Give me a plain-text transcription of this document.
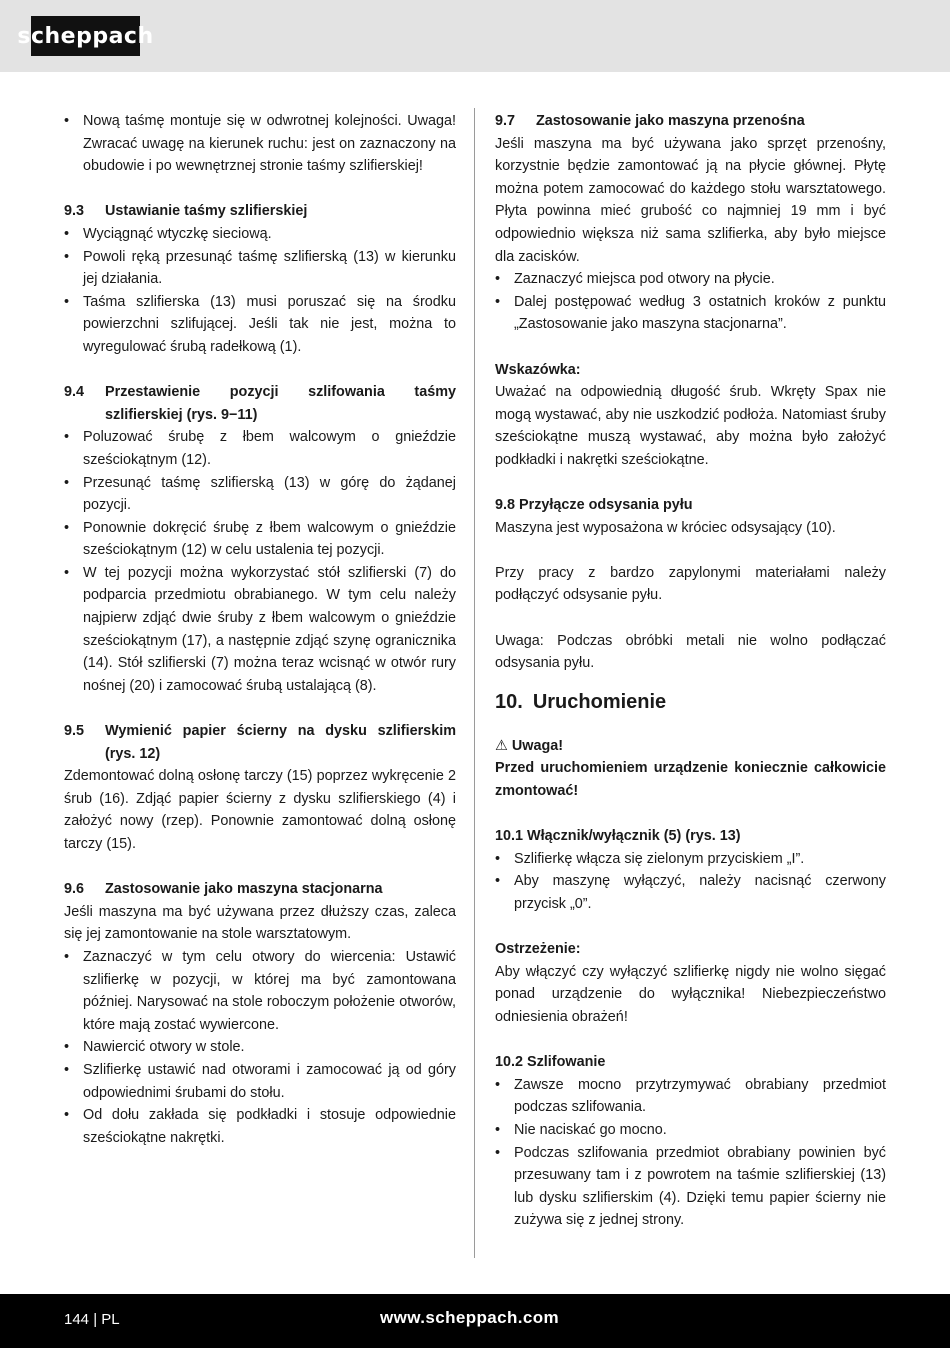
scheppach
• Nową taśmę montuje się w odwrotnej kolejności. Uwaga! Zwracać uwagę na kierunek ruchu: jest on zaznaczony na obudowie i po wewnętrznej stronie taśmy szlifierskiej!
9.3	Ustawianie taśmy szlifierskiej
• Wyciągnąć wtyczkę sieciową.
• Powoli ręką przesunąć taśmę szlifierską (13) w kierunku jej działania.
• Taśma szlifierska (13) musi poruszać się na środku powierzchni szlifującej. Jeśli tak nie jest, można to wyregulować śrubą radełkową (1).
9.4	Przestawienie pozycji szlifowania taśmy szlifierskiej (rys. 9−11)
• Poluzować śrubę z łbem walcowym o gnieździe sześciokątnym (12).
• Przesunąć taśmę szlifierską (13) w górę do żądanej pozycji.
• Ponownie dokręcić śrubę z łbem walcowym o gnieździe sześciokątnym (12) w celu ustalenia tej pozycji.
• W tej pozycji można wykorzystać stół szlifierski (7) do podparcia przedmiotu obrabianego. W tym celu należy najpierw zdjąć dwie śruby z łbem walcowym o gnieździe sześciokątnym (17), a następnie zdjąć szynę ogranicznika (14). Stół szlifierski (7) można teraz wcisnąć w otwór rury nośnej (20) i zamocować śrubą ustalającą (8).
9.5	Wymienić papier ścierny na dysku szlifierskim (rys. 12)

Zdemontować dolną osłonę tarczy (15) poprzez wykręcenie 2 śrub (16). Zdjąć papier ścierny z dysku szlifierskiego (4) i założyć nowy (rzep). Ponownie zamontować dolną osłonę tarczy (15).

9.6	Zastosowanie jako maszyna stacjonarna

Jeśli maszyna ma być używana przez dłuższy czas, zaleca się jej zamontowanie na stole warsztatowym.

• Zaznaczyć w tym celu otwory do wiercenia: Ustawić szlifierkę w pozycji, w której ma być zamontowana później. Narysować na stole roboczym położenie otworów, które mają zostać wywiercone.
• Nawiercić otwory w stole.
• Szlifierkę ustawić nad otworami i zamocować ją od góry odpowiednimi śrubami do stołu.
• Od dołu zakłada się podkładki i stosuje odpowiednie sześciokątne nakrętki.
9.7	Zastosowanie jako maszyna przenośna

Jeśli maszyna ma być używana jako sprzęt przenośny, korzystnie będzie zamontować ją na płycie głównej. Płytę można potem zamocować do każdego stołu warsztatowego. Płyta powinna mieć grubość co najmniej 19 mm i być odpowiednio większa niż sama szlifierka, aby było miejsce dla zacisków.

• Zaznaczyć miejsca pod otwory na płycie.
• Dalej postępować według 3 ostatnich kroków z punktu „Zastosowanie jako maszyna stacjonarna”.

Wskazówka:

Uważać na odpowiednią długość śrub. Wkręty Spax nie mogą wystawać, aby nie uszkodzić podłoża. Natomiast śruby sześciokątne muszą wystawać, aby można było założyć podkładki i nakrętki sześciokątne.

9.8 Przyłącze odsysania pyłu

Maszyna jest wyposażona w króciec odsysający (10).

Przy pracy z bardzo zapylonymi materiałami należy podłączyć odsysanie pyłu.

Uwaga: Podczas obróbki metali nie wolno podłączać odsysania pyłu.

10. Uruchomienie

⚠ Uwaga!

Przed uruchomieniem urządzenie koniecznie całkowicie zmontować!

10.1 Włącznik/wyłącznik (5) (rys. 13)

• Szlifierkę włącza się zielonym przyciskiem „I”.
• Aby maszynę wyłączyć, należy nacisnąć czerwony przycisk „0”.

Ostrzeżenie:

Aby włączyć czy wyłączyć szlifierkę nigdy nie wolno sięgać ponad urządzenie do wyłącznika! Niebezpieczeństwo odniesienia obrażeń!

10.2 Szlifowanie

• Zawsze mocno przytrzymywać obrabiany przedmiot podczas szlifowania.
• Nie naciskać go mocno.
• Podczas szlifowania przedmiot obrabiany powinien być przesuwany tam i z powrotem na taśmie szlifierskiej (13) lub dysku szlifierskim (4). Dzięki temu papier ścierny nie zużywa się z jednej strony.
144 | PL	www.scheppach.com
